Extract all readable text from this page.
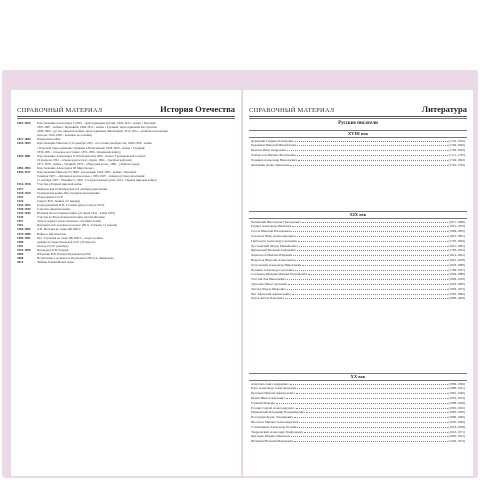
СПРАВОЧНЫЙ МАТЕРИАЛ	История Отечества
1801-1825	Царствование Александра I (1801 - присоединение Грузии; 1804-1813 - война с Персией;
1805-1807 - войны с Францией; 1806-1812 - война с Турцией, присоединение Бессарабии;
1808-1809 - русско-шведская война, присоединение Финляндии; 1812-1814 - антинаполеоновские
походы; 1816-1826 - военные поселения)
1817-1864	Кавказская война
1825-1855	Царствование Николая I (14 декабря 1825 - восстание декабристов; 1826-1828 - война
с Персией; присоединение Эривани и Нахичевани; 1828-1829 - война с Турцией;
1830-1831 - польское восстание; 1853-1856 - Крымская война)
1855-1881	Царствование Александра II Освободителя (1856 - начато Третьяковской галерее;
19 февраля 1861 - отмена крепостного права; 1864 - судебная реформа;
1877-1878 - война с Турцией; 1879 - «Народная воля»; 1881 - убийство царя)
1881-1894	Царствование Александра III Миротворца
1894-1917	Царствование Николая II (1896 - коронация; 1904-1905 - война с Японией;
9 января 1905 - «Кровавое воскресенье»; 1905-1907 - первая русская революция;
17 октября 1905 - Манифест; 1906 - Государственная дума; 1914 - Первая мировая война)
1914-1918	Участие в Первой мировой войне
1917	Февральская и Октябрьская (25 октября) революции
1918-1920	Гражданская война. Иностранная интервенция
1922	Образование СССР
1924	Смерть В.И. Ленина (21 января)
1924-1953	Годы правления И.В. Сталина (умер 5 марта 1953)
1939-1940	Советско-финская война
1941-1945	Великая Отечественная война (22 июня 1941 - 9 мая 1945)
1945	Участие во Второй мировой войне против Японии
1957	Запуск первого искусственного спутника Земли
1961	Первый полёт человека в космос (Ю.А. Гагарин, 12 апреля)
1964-1982	Л.И. Брежнев во главе ЦК КПСС
1979-1989	Война в Афганистане
1985-1991	М.С. Горбачёв во главе ЦК КПСС; «перестройка»
1986	Авария на Чернобыльской АЭС (26 апреля)
1991	Распад СССР (декабрь)
1991-1999	Президент Б.Н. Ельцин
2000	Избрание В.В. Путина Президентом РФ
2008	Вступление в должность Президента РФ Д.А. Медведева
2014	Зимние Олимпийские игры
СПРАВОЧНЫЙ МАТЕРИАЛ	Литература
Русские писатели
XVIII век
Державин Гавриил Романович	(1743-1816)
Карамзин Николай Михайлович	(1766-1826)
Крылов Иван Андреевич	(1769-1844)
Ломоносов Михаил Васильевич	(1711-1765)
Радищев Александр Николаевич	(1749-1802)
Фонвизин Денис Иванович	(1745-1792)
XIX век
Белинский Виссарион Григорьевич	(1811-1848)
Герцен Александр Иванович	(1812-1870)
Гоголь Николай Васильевич	(1809-1852)
Гончаров Иван Александрович	(1812-1891)
Грибоедов Александр Сергеевич	(1795-1829)
Достоевский Фёдор Михайлович	(1821-1881)
Жуковский Василий Андреевич	(1783-1852)
Лермонтов Михаил Юрьевич	(1814-1841)
Некрасов Николай Алексеевич	(1821-1878)
Островский Александр Николаевич	(1823-1886)
Пушкин Александр Сергеевич	(1799-1837)
Салтыков-Щедрин Михаил Евграфович	(1826-1889)
Толстой Лев Николаевич	(1828-1910)
Тургенев Иван Сергеевич	(1818-1883)
Тютчев Фёдор Иванович	(1803-1873)
Фет Афанасий Афанасьевич	(1820-1892)
Чехов Антон Павлович	(1860-1904)
XX век
Ахматова Анна Андреевна	(1889-1966)
Блок Александр Александрович	(1880-1921)
Булгаков Михаил Афанасьевич	(1891-1940)
Бунин Иван Алексеевич	(1870-1953)
Горький Максим	(1868-1936)
Есенин Сергей Александрович	(1895-1925)
Маяковский Владимир Владимирович	(1893-1930)
Пастернак Борис Леонидович	(1890-1960)
Шолохов Михаил Александрович	(1905-1984)
Солженицын Александр Исаевич	(1918-2008)
Твардовский Александр Трифонович	(1910-1971)
Цветаева Марина Ивановна	(1892-1941)
Шукшин Василий Макарович	(1929-1974)
